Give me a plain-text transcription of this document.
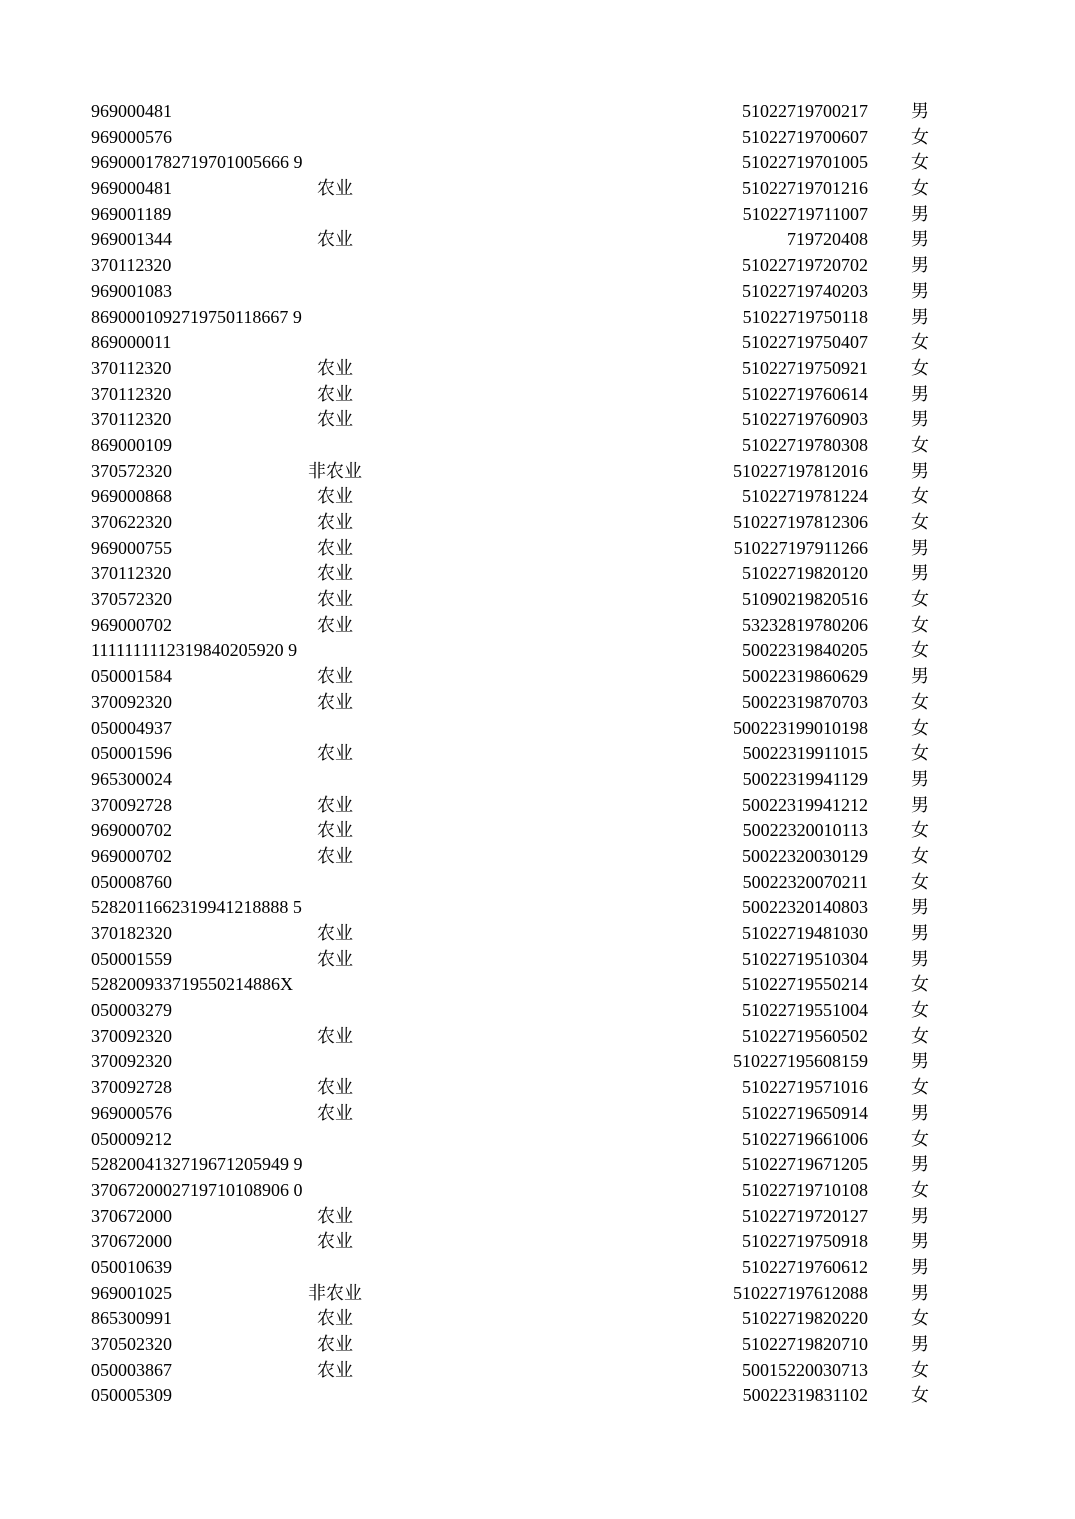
969000481	51022719700217	男
969000576	51022719700607	女
9690001782719701005666 9	51022719701005	女
969000481	农业	51022719701216	女
969001189	51022719711007	男
969001344	农业	719720408	男
370112320	51022719720702	男
969001083	51022719740203	男
8690001092719750118667 9	51022719750118	男
869000011	51022719750407	女
370112320	农业	51022719750921	女
370112320	农业	51022719760614	男
370112320	农业	51022719760903	男
869000109	51022719780308	女
370572320	非农业	510227197812016	男
969000868	农业	51022719781224	女
370622320	农业	510227197812306	女
969000755	农业	510227197911266	男
370112320	农业	51022719820120	男
370572320	农业	51090219820516	女
969000702	农业	53232819780206	女
1111111112319840205920 9	50022319840205	女
050001584	农业	50022319860629	男
370092320	农业	50022319870703	女
050004937	500223199010198	女
050001596	农业	50022319911015	女
965300024	50022319941129	男
370092728	农业	50022319941212	男
969000702	农业	50022320010113	女
969000702	农业	50022320030129	女
050008760	50022320070211	女
5282011662319941218888 5	50022320140803	男
370182320	农业	51022719481030	男
050001559	农业	51022719510304	男
528200933719550214886X	51022719550214	女
050003279	51022719551004	女
370092320	农业	51022719560502	女
370092320	510227195608159	男
370092728	农业	51022719571016	女
969000576	农业	51022719650914	男
050009212	51022719661006	女
5282004132719671205949 9	51022719671205	男
3706720002719710108906 0	51022719710108	女
370672000	农业	51022719720127	男
370672000	农业	51022719750918	男
050010639	51022719760612	男
969001025	非农业	510227197612088	男
865300991	农业	51022719820220	女
370502320	农业	51022719820710	男
050003867	农业	50015220030713	女
050005309	50022319831102	女
